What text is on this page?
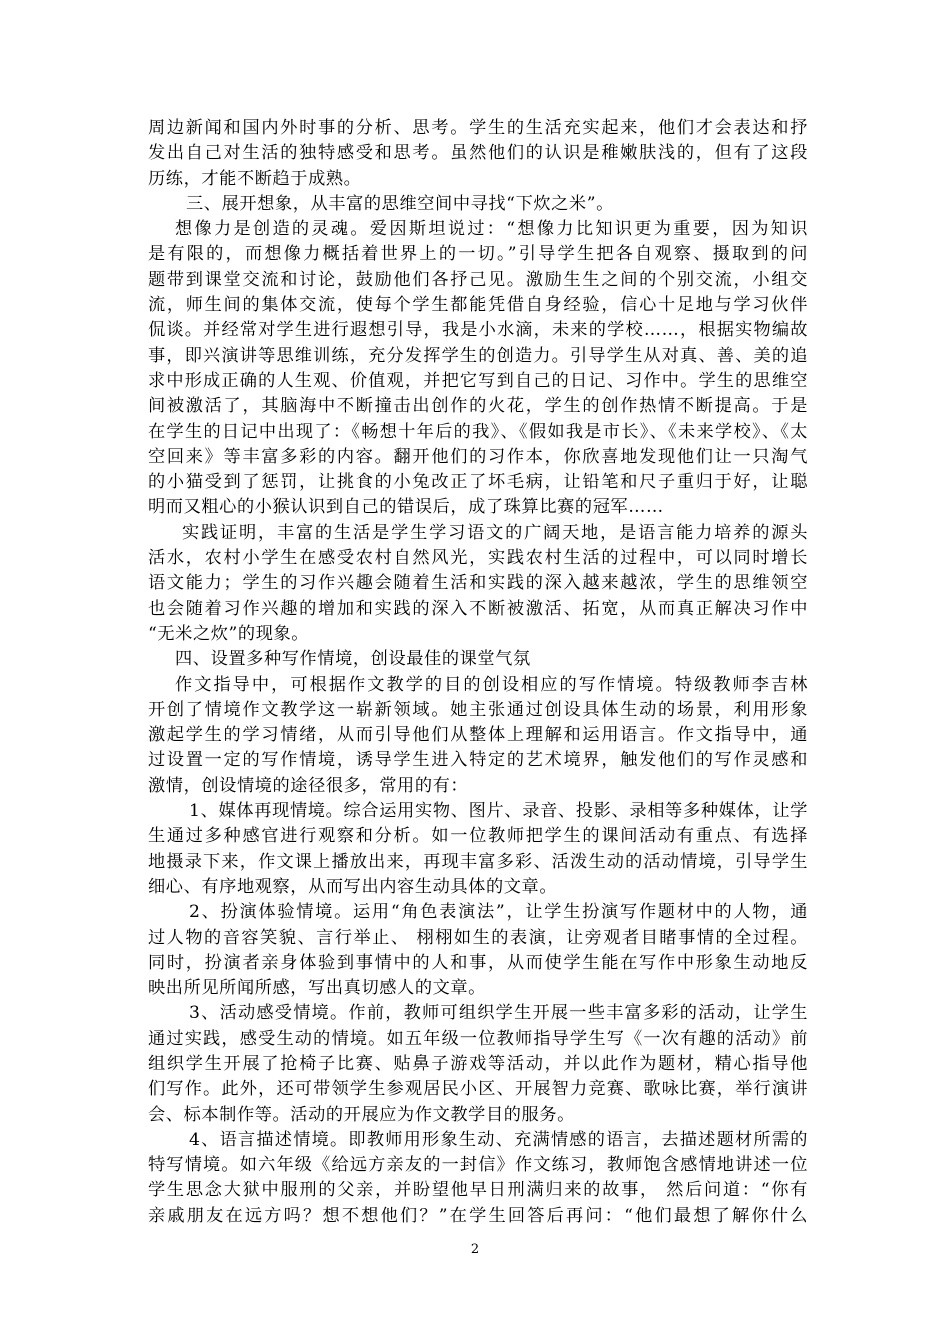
周边新闻和国内外时事的分析、思考。学生的生活充实起来，他们才会表达和抒
发出自己对生活的独特感受和思考。虽然他们的认识是稚嫩肤浅的，但有了这段
历练，才能不断趋于成熟。
三、展开想象，从丰富的思维空间中寻找“下炊之米”。
想像力是创造的灵魂。爱因斯坦说过：“想像力比知识更为重要，因为知识
是有限的，而想像力概括着世界上的一切。”引导学生把各自观察、摄取到的问
题带到课堂交流和讨论，鼓励他们各抒己见。激励生生之间的个别交流，小组交
流，师生间的集体交流，使每个学生都能凭借自身经验，信心十足地与学习伙伴
侃谈。并经常对学生进行遐想引导，我是小水滴，未来的学校……，根据实物编故
事，即兴演讲等思维训练，充分发挥学生的创造力。引导学生从对真、善、美的追
求中形成正确的人生观、价值观，并把它写到自己的日记、习作中。学生的思维空
间被激活了，其脑海中不断撞击出创作的火花，学生的创作热情不断提高。于是
在学生的日记中出现了：《畅想十年后的我》、《假如我是市长》、《未来学校》、《太
空回来》等丰富多彩的内容。翻开他们的习作本，你欣喜地发现他们让一只淘气
的小猫受到了惩罚，让挑食的小兔改正了坏毛病，让铅笔和尺子重归于好，让聪
明而又粗心的小猴认识到自己的错误后，成了珠算比赛的冠军……
实践证明，丰富的生活是学生学习语文的广阔天地，是语言能力培养的源头
活水，农村小学生在感受农村自然风光，实践农村生活的过程中，可以同时增长
语文能力；学生的习作兴趣会随着生活和实践的深入越来越浓，学生的思维领空
也会随着习作兴趣的增加和实践的深入不断被激活、拓宽，从而真正解决习作中
“无米之炊”的现象。
四、设置多种写作情境，创设最佳的课堂气氛
作文指导中，可根据作文教学的目的创设相应的写作情境。特级教师李吉林
开创了情境作文教学这一崭新领域。她主张通过创设具体生动的场景，利用形象
激起学生的学习情绪，从而引导他们从整体上理解和运用语言。作文指导中，通
过设置一定的写作情境，诱导学生进入特定的艺术境界，触发他们的写作灵感和
激情，创设情境的途径很多，常用的有：
1、媒体再现情境。综合运用实物、图片、录音、投影、录相等多种媒体，让学
生通过多种感官进行观察和分析。如一位教师把学生的课间活动有重点、有选择
地摄录下来，作文课上播放出来，再现丰富多彩、活泼生动的活动情境，引导学生
细心、有序地观察，从而写出内容生动具体的文章。
2、扮演体验情境。运用“角色表演法”，让学生扮演写作题材中的人物，通
过人物的音容笑貌、言行举止、 栩栩如生的表演，让旁观者目睹事情的全过程。
同时，扮演者亲身体验到事情中的人和事，从而使学生能在写作中形象生动地反
映出所见所闻所感，写出真切感人的文章。
3、活动感受情境。作前，教师可组织学生开展一些丰富多彩的活动，让学生
通过实践，感受生动的情境。如五年级一位教师指导学生写《一次有趣的活动》前
组织学生开展了抢椅子比赛、贴鼻子游戏等活动，并以此作为题材，精心指导他
们写作。此外，还可带领学生参观居民小区、开展智力竞赛、歌咏比赛，举行演讲
会、标本制作等。活动的开展应为作文教学目的服务。
4、语言描述情境。即教师用形象生动、充满情感的语言，去描述题材所需的
特写情境。如六年级《给远方亲友的一封信》作文练习，教师饱含感情地讲述一位
学生思念大狱中服刑的父亲，并盼望他早日刑满归来的故事， 然后问道：“你有
亲戚朋友在远方吗？想不想他们？”在学生回答后再问：“他们最想了解你什么
2
